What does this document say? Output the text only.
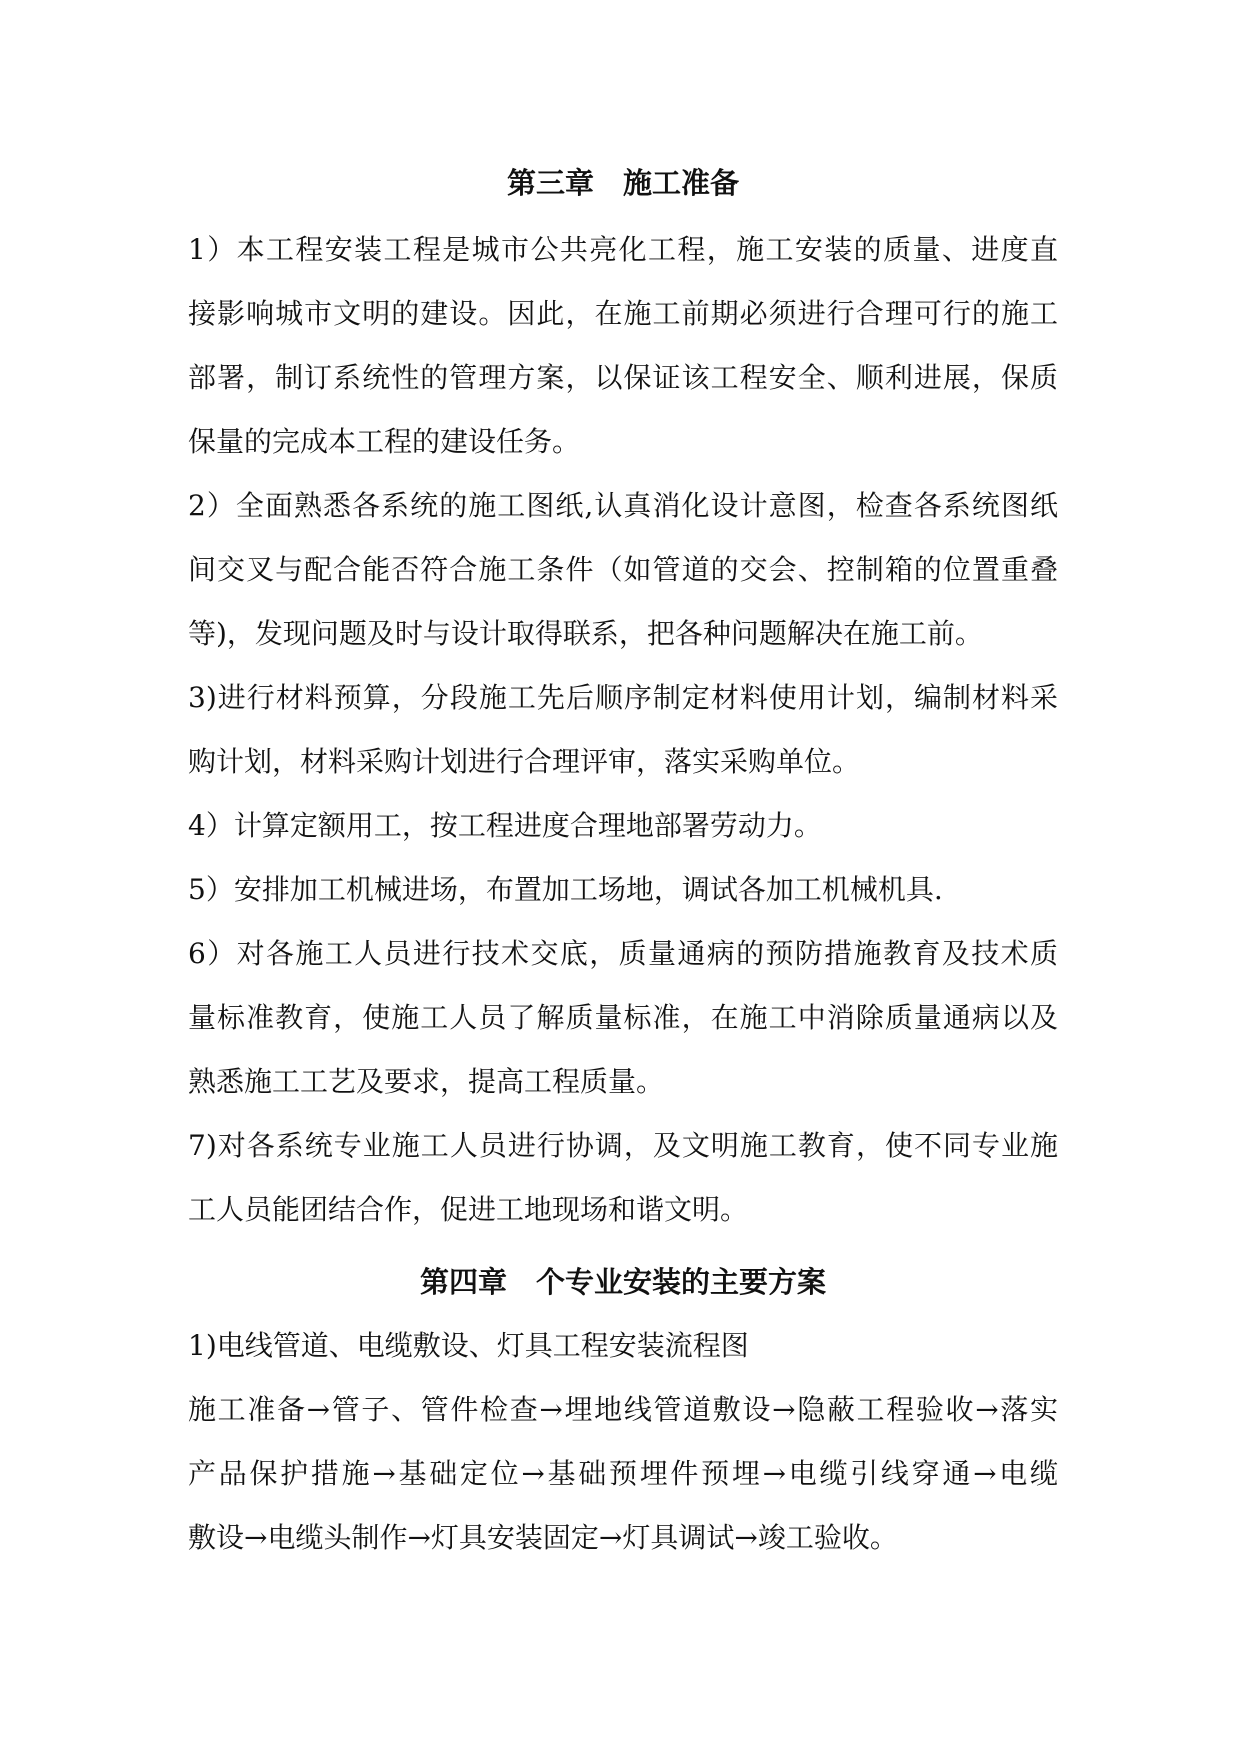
第三章　施工准备
1）本工程安装工程是城市公共亮化工程，施工安装的质量、进度直
接影响城市文明的建设。因此，在施工前期必须进行合理可行的施工
部署，制订系统性的管理方案，以保证该工程安全、顺利进展，保质
保量的完成本工程的建设任务。
2）全面熟悉各系统的施工图纸,认真消化设计意图，检查各系统图纸
间交叉与配合能否符合施工条件（如管道的交会、控制箱的位置重叠
等)，发现问题及时与设计取得联系，把各种问题解决在施工前。
3)进行材料预算，分段施工先后顺序制定材料使用计划，编制材料采
购计划，材料采购计划进行合理评审，落实采购单位。
4）计算定额用工，按工程进度合理地部署劳动力。
5）安排加工机械进场，布置加工场地，调试各加工机械机具.
6）对各施工人员进行技术交底，质量通病的预防措施教育及技术质
量标准教育，使施工人员了解质量标准，在施工中消除质量通病以及
熟悉施工工艺及要求，提高工程质量。
7)对各系统专业施工人员进行协调，及文明施工教育，使不同专业施
工人员能团结合作，促进工地现场和谐文明。
第四章　个专业安装的主要方案
1)电线管道、电缆敷设、灯具工程安装流程图
施工准备→管子、管件检查→埋地线管道敷设→隐蔽工程验收→落实
产品保护措施→基础定位→基础预埋件预埋→电缆引线穿通→电缆
敷设→电缆头制作→灯具安装固定→灯具调试→竣工验收。
